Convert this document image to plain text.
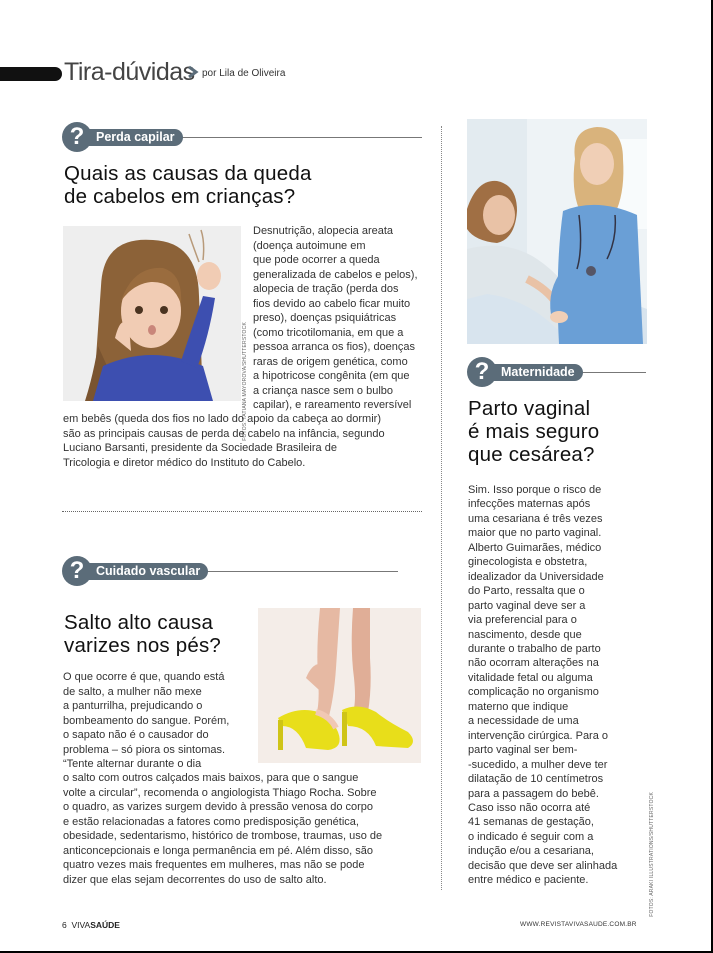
Tira-dúvidas por Lila de Oliveira
? Perda capilar
Quais as causas da queda
de cabelos em crianças?
FOTOS: TATIANA MAYOROVA/SHUTTERSTOCK
Desnutrição, alopecia areata
(doença autoimune em
que pode ocorrer a queda
generalizada de cabelos e pelos),
alopecia de tração (perda dos
fios devido ao cabelo ficar muito
preso), doenças psiquiátricas
(como tricotilomania, em que a
pessoa arranca os fios), doenças
raras de origem genética, como
a hipotricose congênita (em que
a criança nasce sem o bulbo
capilar), e rareamento reversível
em bebês (queda dos fios no lado do apoio da cabeça ao dormir)
são as principais causas de perda de cabelo na infância, segundo
Luciano Barsanti, presidente da Sociedade Brasileira de
Tricologia e diretor médico do Instituto do Cabelo.
? Cuidado vascular
Salto alto causa
varizes nos pés?
O que ocorre é que, quando está
de salto, a mulher não mexe
a panturrilha, prejudicando o
bombeamento do sangue. Porém,
o sapato não é o causador do
problema – só piora os sintomas.
“Tente alternar durante o dia
o salto com outros calçados mais baixos, para que o sangue
volte a circular”, recomenda o angiologista Thiago Rocha. Sobre
o quadro, as varizes surgem devido à pressão venosa do corpo
e estão relacionadas a fatores como predisposição genética,
obesidade, sedentarismo, histórico de trombose, traumas, uso de
anticoncepcionais e longa permanência em pé. Além disso, são
quatro vezes mais frequentes em mulheres, mas não se pode
dizer que elas sejam decorrentes do uso de salto alto.
? Maternidade
Parto vaginal
é mais seguro
que cesárea?
Sim. Isso porque o risco de
infecções maternas após
uma cesariana é três vezes
maior que no parto vaginal.
Alberto Guimarães, médico
ginecologista e obstetra,
idealizador da Universidade
do Parto, ressalta que o
parto vaginal deve ser a
via preferencial para o
nascimento, desde que
durante o trabalho de parto
não ocorram alterações na
vitalidade fetal ou alguma
complicação no organismo
materno que indique
a necessidade de uma
intervenção cirúrgica. Para o
parto vaginal ser bem-
-sucedido, a mulher deve ter
dilatação de 10 centímetros
para a passagem do bebê.
Caso isso não ocorra até
41 semanas de gestação,
o indicado é seguir com a
indução e/ou a cesariana,
decisão que deve ser alinhada
entre médico e paciente.	FOTOS: ARAKI ILLUSTRATIONS/SHUTTERSTOCK
6 VIVASAÚDE	WWW.REVISTAVIVASAUDE.COM.BR
